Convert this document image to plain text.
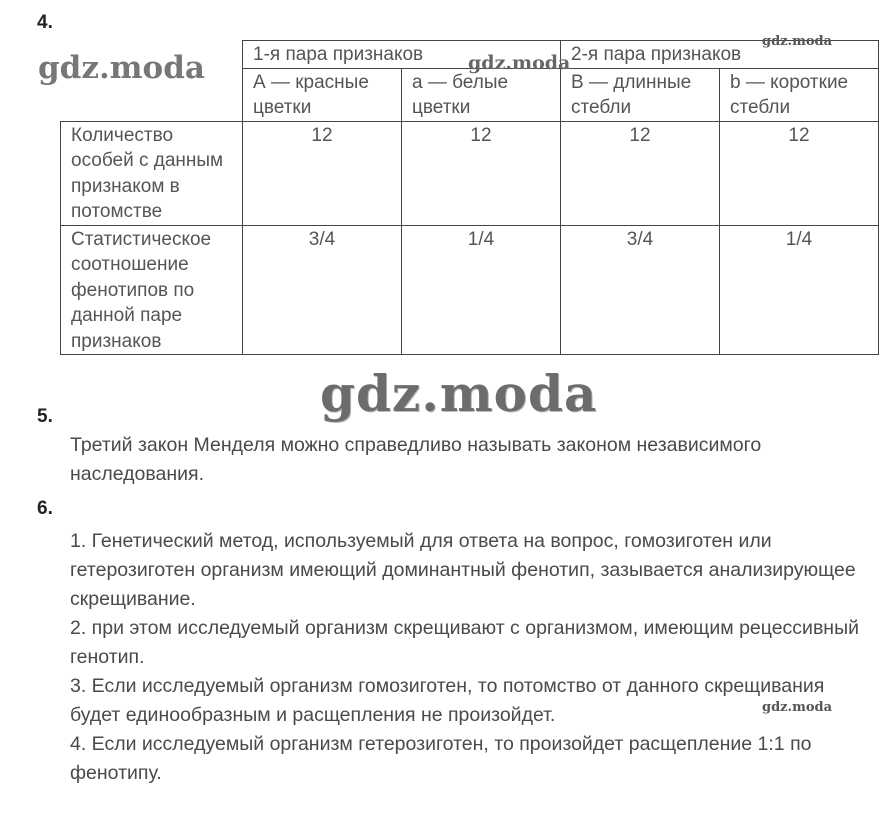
4.
	1-я пара признаков		2-я пара признаков	
	А — красные цветки	а — белые цветки	В — длинные стебли	b — короткие стебли
Количество особей с данным признаком в потомстве	12	12	12	12
Статистическое соотношение фенотипов по данной паре признаков	3/4	1/4	3/4	1/4
5.

Третий закон Менделя можно справедливо называть законом независимого наследования.

6.

1. Генетический метод, используемый для ответа на вопрос, гомозиготен или гетерозиготен организм имеющий доминантный фенотип, зазывается анализирующее скрещивание.

2. при этом исследуемый организм скрещивают с организмом, имеющим рецессивный генотип.

3. Если исследуемый организм гомозиготен, то потомство от данного скрещивания будет единообразным и расщепления не произойдет.

4. Если исследуемый организм гетерозиготен, то произойдет расщепление 1:1 по фенотипу.

gdz.moda	gdz.moda
gdz.moda
gdz.moda
gdz.moda
